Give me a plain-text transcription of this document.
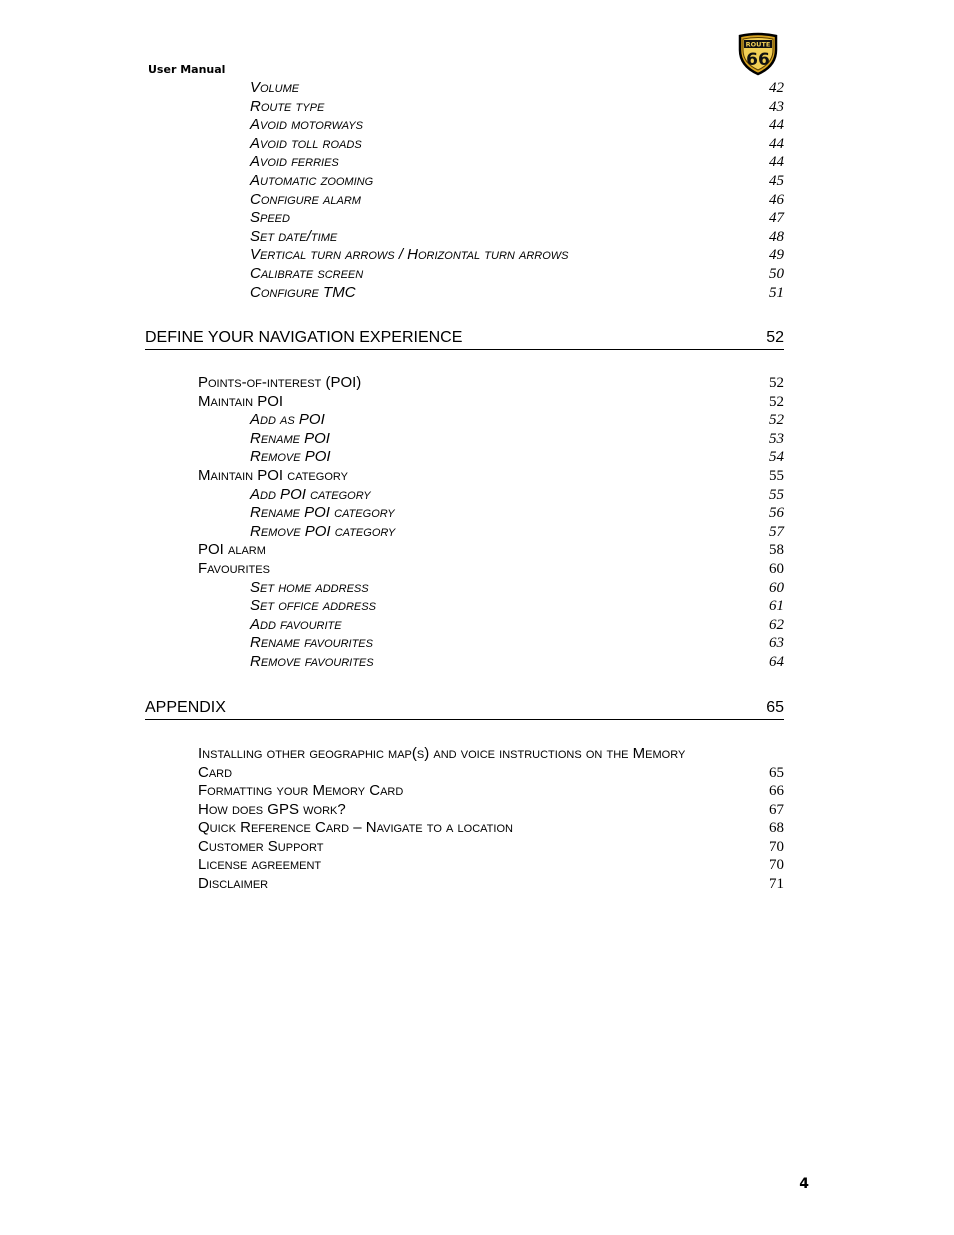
User Manual
ROUTE
66
Volume	42
Route type	43
Avoid motorways	44
Avoid toll roads	44
Avoid ferries	44
Automatic zooming	45
Configure alarm	46
Speed	47
Set date/time	48
Vertical turn arrows / Horizontal turn arrows	49
Calibrate screen	50
Configure TMC	51
DEFINE YOUR NAVIGATION EXPERIENCE	52
Points-of-interest (POI)	52
Maintain POI	52
Add as POI	52
Rename POI	53
Remove POI	54
Maintain POI category	55
Add POI category	55
Rename POI category	56
Remove POI category	57
POI alarm	58
Favourites	60
Set home address	60
Set office address	61
Add favourite	62
Rename favourites	63
Remove favourites	64
APPENDIX	65
Installing other geographic map(s) and voice instructions on the Memory
Card	65
Formatting your Memory Card	66
How does GPS work?	67
Quick Reference Card – Navigate to a location	68
Customer Support	70
License agreement	70
Disclaimer	71
4
